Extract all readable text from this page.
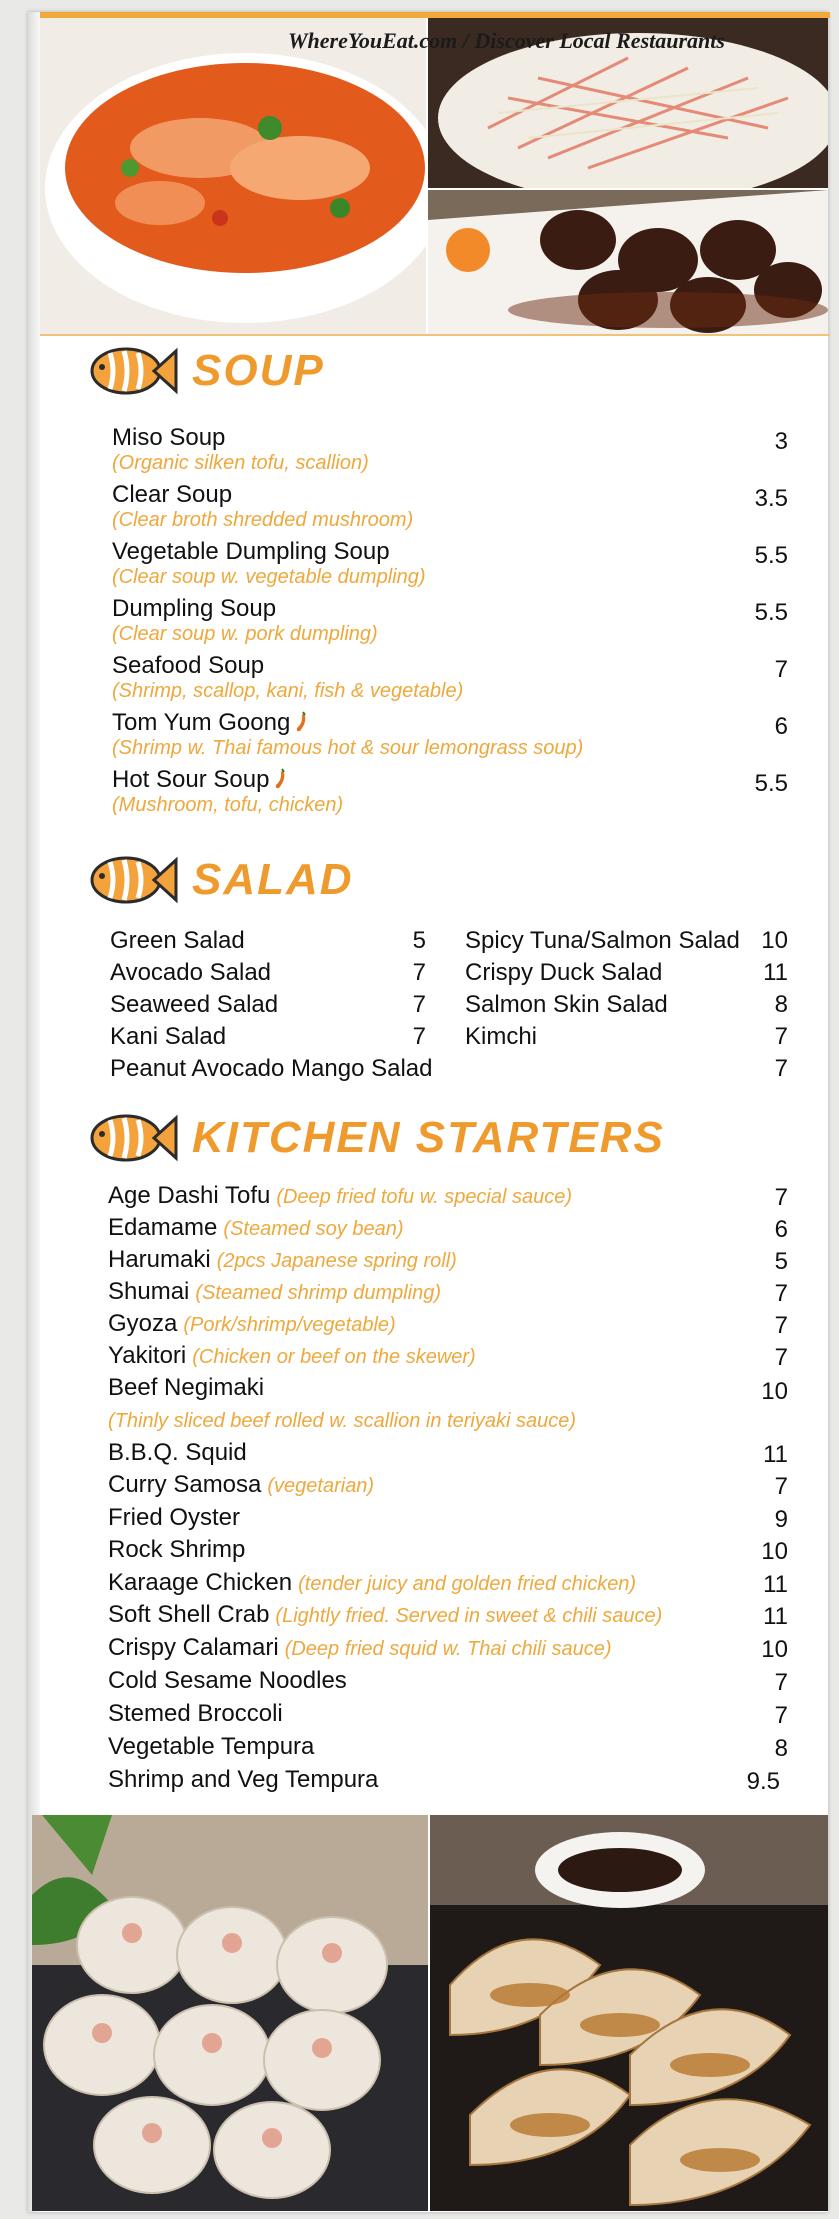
WhereYouEat.com / Discover Local Restaurants
SOUP
SALAD
KITCHEN STARTERS
Miso Soup
(Organic silken tofu, scallion)
3
Clear Soup
(Clear broth shredded mushroom)
3.5
Vegetable Dumpling Soup
(Clear soup w. vegetable dumpling)
5.5
Dumpling Soup
(Clear soup w. pork dumpling)
5.5
Seafood Soup
(Shrimp, scallop, kani, fish & vegetable)
7
Tom Yum Goong
(Shrimp w. Thai famous hot & sour lemongrass soup)
6
Hot Sour Soup
(Mushroom, tofu, chicken)
5.5
Green Salad	5
Avocado Salad	7
Seaweed Salad	7
Kani Salad	7
Spicy Tuna/Salmon Salad 10
Crispy Duck Salad	11
Salmon Skin Salad	8
Kimchi	7
Peanut Avocado Mango Salad	7
Age Dashi Tofu (Deep fried tofu w. special sauce)	7
Edamame (Steamed soy bean)	6
Harumaki (2pcs Japanese spring roll)	5
Shumai (Steamed shrimp dumpling)	7
Gyoza (Pork/shrimp/vegetable)	7
Yakitori (Chicken or beef on the skewer)	7
Beef Negimaki	10
(Thinly sliced beef rolled w. scallion in teriyaki sauce)
B.B.Q. Squid	11
Curry Samosa (vegetarian)	7
Fried Oyster	9
Rock Shrimp	10
Karaage Chicken (tender juicy and golden fried chicken)	11
Soft Shell Crab (Lightly fried. Served in sweet & chili sauce)	11
Crispy Calamari (Deep fried squid w. Thai chili sauce)	10
Cold Sesame Noodles	7
Stemed Broccoli	7
Vegetable Tempura	8
Shrimp and Veg Tempura	9.5
